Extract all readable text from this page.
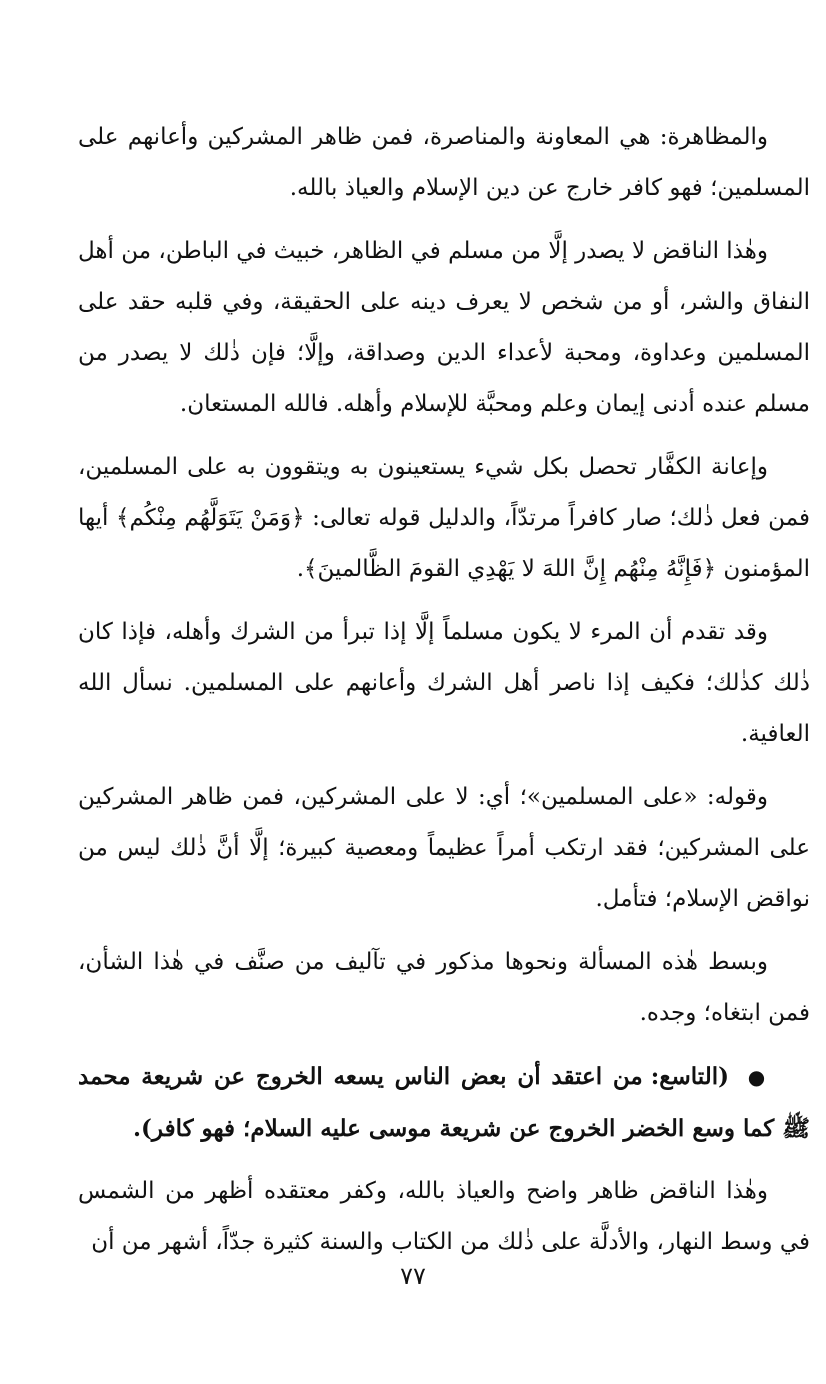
والمظاهرة: هي المعاونة والمناصرة، فمن ظاهر المشركين وأعانهم على المسلمين؛ فهو كافر خارج عن دين الإسلام والعياذ بالله.

وهٰذا الناقض لا يصدر إلَّا من مسلم في الظاهر، خبيث في الباطن، من أهل النفاق والشر، أو من شخص لا يعرف دينه على الحقيقة، وفي قلبه حقد على المسلمين وعداوة، ومحبة لأعداء الدين وصداقة، وإلَّا؛ فإن ذٰلك لا يصدر من مسلم عنده أدنى إيمان وعلم ومحبَّة للإسلام وأهله. فالله المستعان.

وإعانة الكفَّار تحصل بكل شيء يستعينون به ويتقوون به على المسلمين، فمن فعل ذٰلك؛ صار كافراً مرتدّاً، والدليل قوله تعالى: ﴿وَمَنْ يَتَوَلَّهُم مِنْكُم﴾ أيها المؤمنون ﴿فَإِنَّهُ مِنْهُم إِنَّ اللهَ لا يَهْدِي القومَ الظَّالمينَ﴾.

وقد تقدم أن المرء لا يكون مسلماً إلَّا إذا تبرأ من الشرك وأهله، فإذا كان ذٰلك كذٰلك؛ فكيف إذا ناصر أهل الشرك وأعانهم على المسلمين. نسأل الله العافية.

وقوله: «على المسلمين»؛ أي: لا على المشركين، فمن ظاهر المشركين على المشركين؛ فقد ارتكب أمراً عظيماً ومعصية كبيرة؛ إلَّا أنَّ ذٰلك ليس من نواقض الإسلام؛ فتأمل.

وبسط هٰذه المسألة ونحوها مذكور في تآليف من صنَّف في هٰذا الشأن، فمن ابتغاه؛ وجده.

● (التاسع: من اعتقد أن بعض الناس يسعه الخروج عن شريعة محمد ﷺ كما وسع الخضر الخروج عن شريعة موسى عليه السلام؛ فهو كافر).

وهٰذا الناقض ظاهر واضح والعياذ بالله، وكفر معتقده أظهر من الشمس في وسط النهار، والأدلَّة على ذٰلك من الكتاب والسنة كثيرة جدّاً، أشهر من أن

٧٧
